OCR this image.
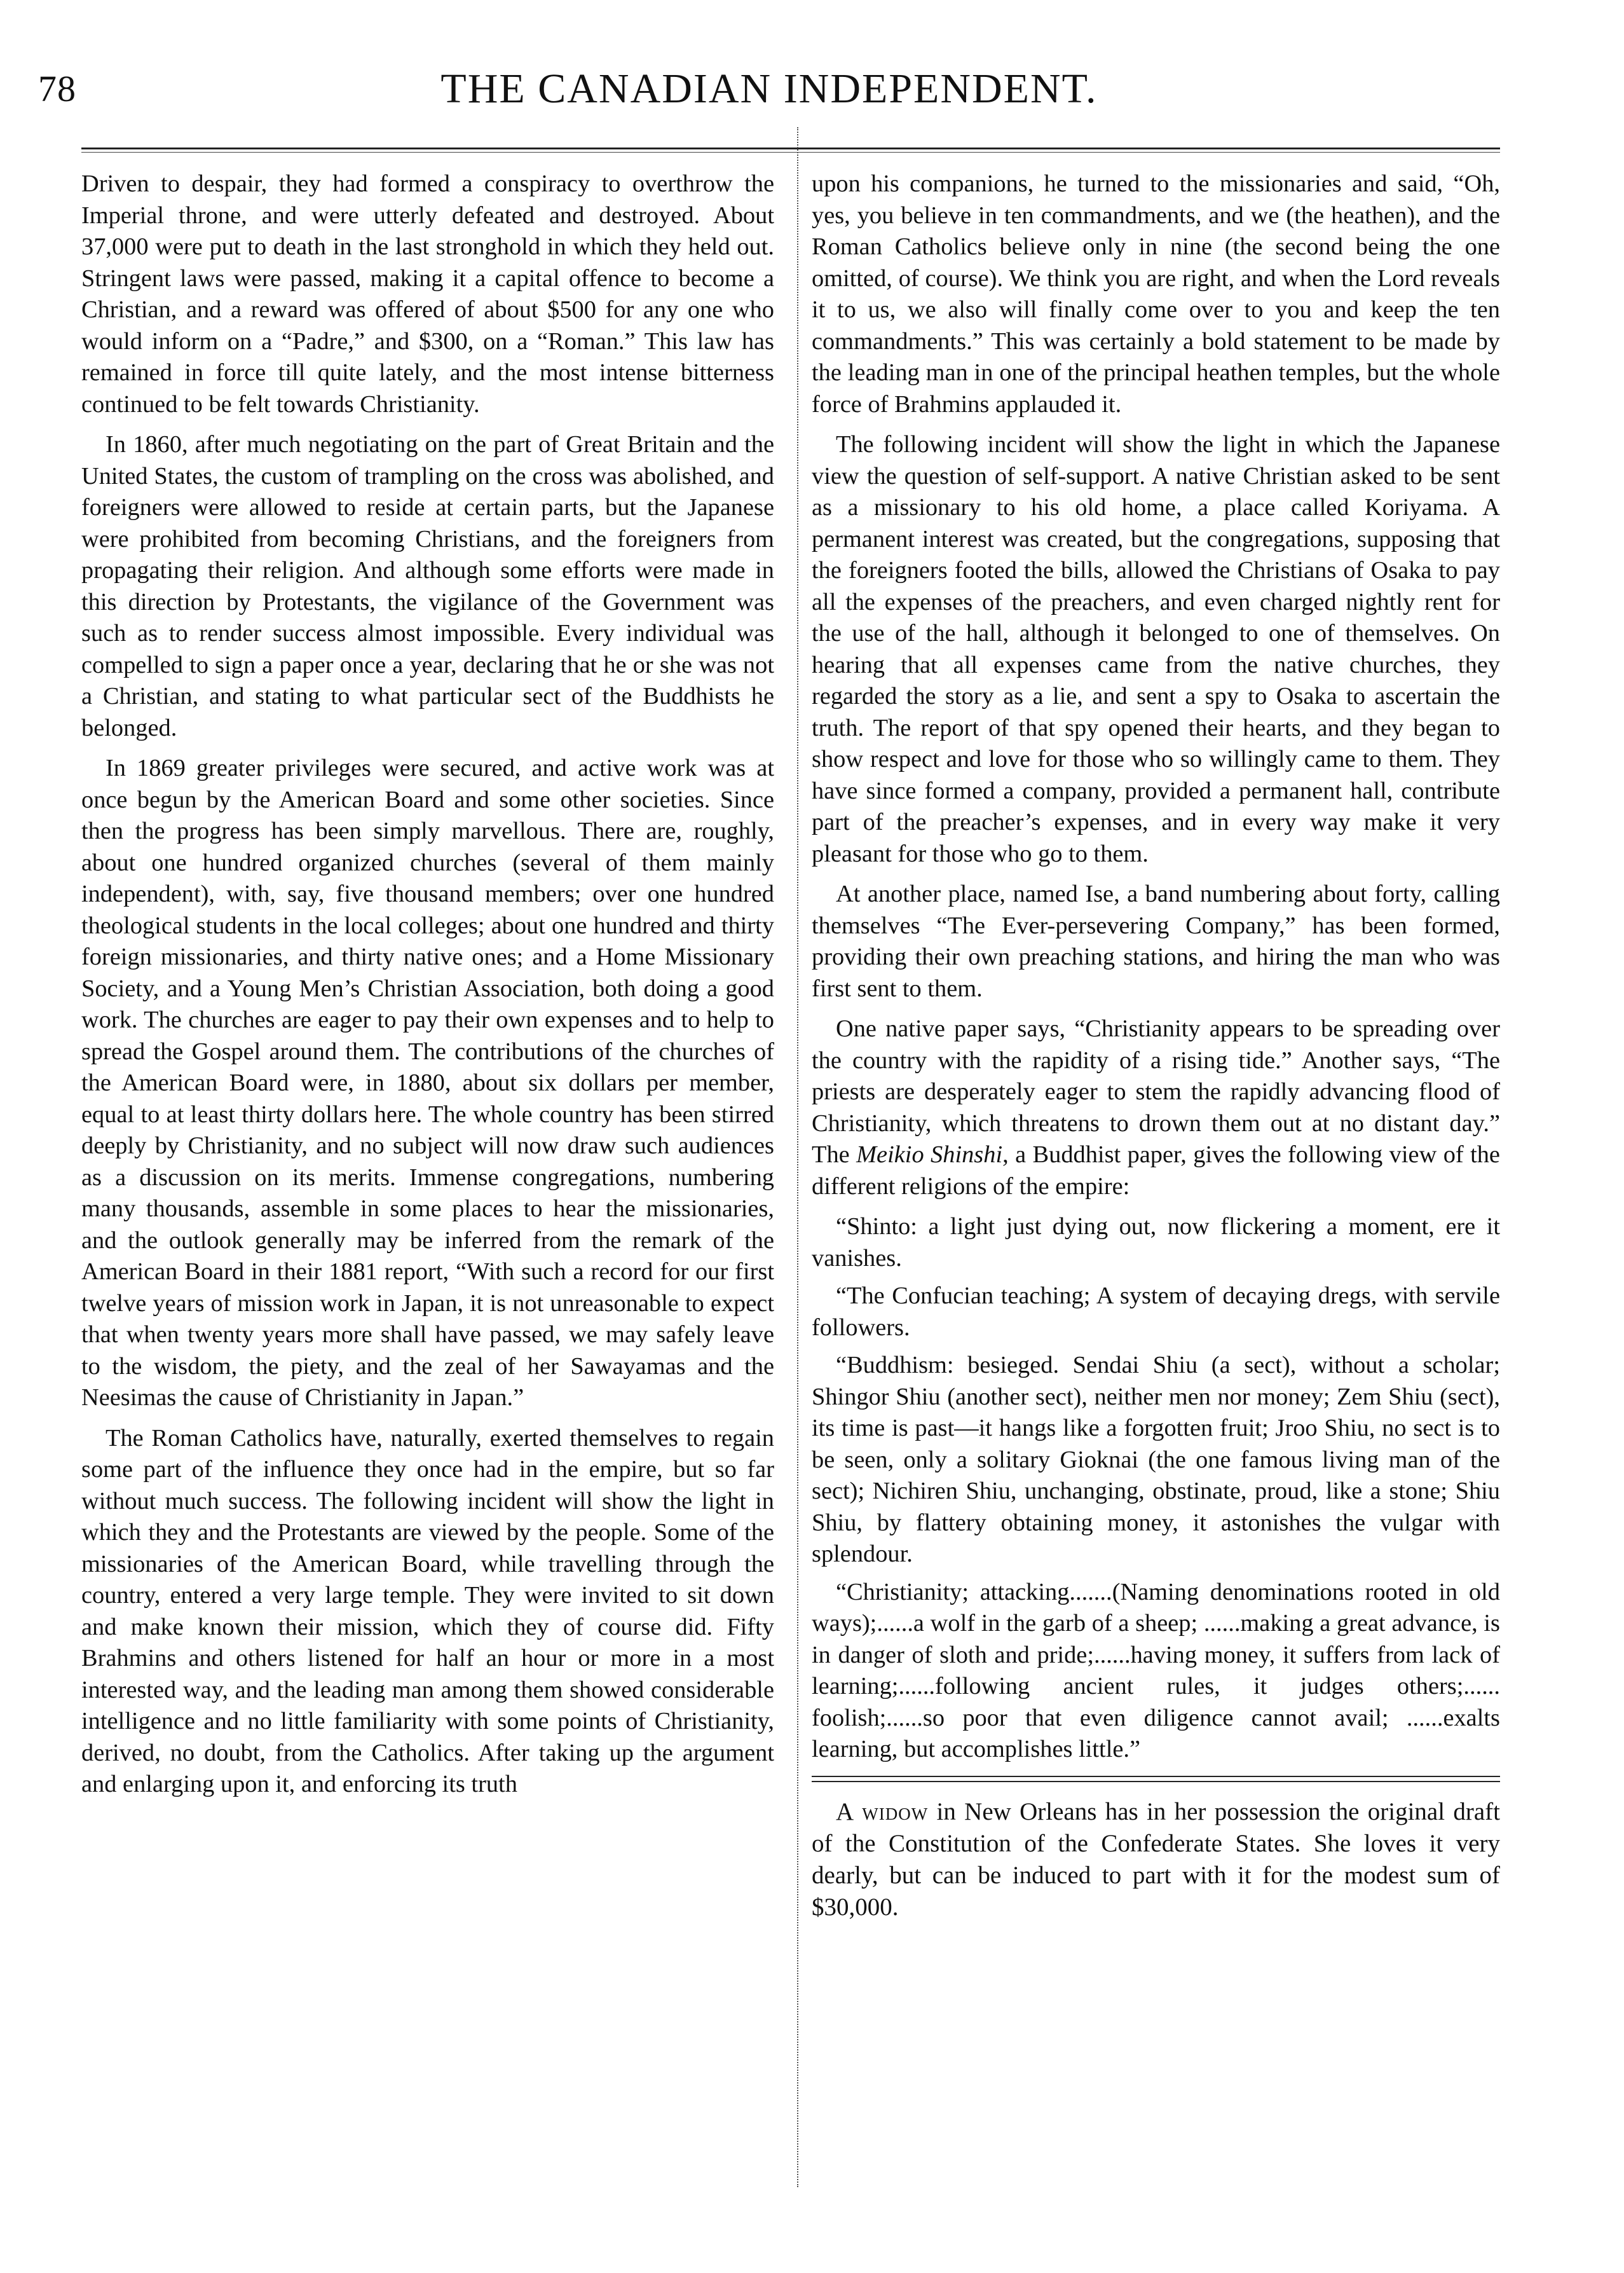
78	THE CANADIAN INDEPENDENT.

Driven to despair, they had formed a conspiracy to overthrow the Imperial throne, and were utterly defeated and destroyed. About 37,000 were put to death in the last stronghold in which they held out. Stringent laws were passed, making it a capital offence to become a Christian, and a reward was offered of about $500 for any one who would inform on a “Padre,” and $300, on a “Roman.” This law has remained in force till quite lately, and the most intense bitterness continued to be felt towards Christianity.

In 1860, after much negotiating on the part of Great Britain and the United States, the custom of trampling on the cross was abolished, and foreigners were allowed to reside at certain parts, but the Japanese were prohibited from becoming Christians, and the foreigners from propagating their religion. And although some efforts were made in this direction by Protestants, the vigilance of the Government was such as to render success almost impossible. Every individual was compelled to sign a paper once a year, declaring that he or she was not a Christian, and stating to what particular sect of the Buddhists he belonged.

In 1869 greater privileges were secured, and active work was at once begun by the American Board and some other societies. Since then the progress has been simply marvellous. There are, roughly, about one hundred organized churches (several of them mainly independent), with, say, five thousand members; over one hundred theological students in the local colleges; about one hundred and thirty foreign missionaries, and thirty native ones; and a Home Missionary Society, and a Young Men’s Christian Association, both doing a good work. The churches are eager to pay their own expenses and to help to spread the Gospel around them. The contributions of the churches of the American Board were, in 1880, about six dollars per member, equal to at least thirty dollars here. The whole country has been stirred deeply by Christianity, and no subject will now draw such audiences as a discussion on its merits. Immense congregations, numbering many thousands, assemble in some places to hear the missionaries, and the outlook generally may be inferred from the remark of the American Board in their 1881 report, “With such a record for our first twelve years of mission work in Japan, it is not unreasonable to expect that when twenty years more shall have passed, we may safely leave to the wisdom, the piety, and the zeal of her Sawayamas and the Neesimas the cause of Christianity in Japan.”

The Roman Catholics have, naturally, exerted themselves to regain some part of the influence they once had in the empire, but so far without much success. The following incident will show the light in which they and the Protestants are viewed by the people. Some of the missionaries of the American Board, while travelling through the country, entered a very large temple. They were invited to sit down and make known their mission, which they of course did. Fifty Brahmins and others listened for half an hour or more in a most interested way, and the leading man among them showed considerable intelligence and no little familiarity with some points of Christianity, derived, no doubt, from the Catholics. After taking up the argument and enlarging upon it, and enforcing its truth

upon his companions, he turned to the missionaries and said, “Oh, yes, you believe in ten commandments, and we (the heathen), and the Roman Catholics believe only in nine (the second being the one omitted, of course). We think you are right, and when the Lord reveals it to us, we also will finally come over to you and keep the ten commandments.” This was certainly a bold statement to be made by the leading man in one of the principal heathen temples, but the whole force of Brahmins applauded it.

The following incident will show the light in which the Japanese view the question of self-support. A native Christian asked to be sent as a missionary to his old home, a place called Koriyama. A permanent interest was created, but the congregations, supposing that the foreigners footed the bills, allowed the Christians of Osaka to pay all the expenses of the preachers, and even charged nightly rent for the use of the hall, although it belonged to one of themselves. On hearing that all expenses came from the native churches, they regarded the story as a lie, and sent a spy to Osaka to ascertain the truth. The report of that spy opened their hearts, and they began to show respect and love for those who so willingly came to them. They have since formed a company, provided a permanent hall, contribute part of the preacher’s expenses, and in every way make it very pleasant for those who go to them.

At another place, named Ise, a band numbering about forty, calling themselves “The Ever-persevering Company,” has been formed, providing their own preaching stations, and hiring the man who was first sent to them.

One native paper says, “Christianity appears to be spreading over the country with the rapidity of a rising tide.” Another says, “The priests are desperately eager to stem the rapidly advancing flood of Christianity, which threatens to drown them out at no distant day.” The Meikio Shinshi, a Buddhist paper, gives the following view of the different religions of the empire:

“Shinto: a light just dying out, now flickering a moment, ere it vanishes.

“The Confucian teaching; A system of decaying dregs, with servile followers.

“Buddhism: besieged. Sendai Shiu (a sect), without a scholar; Shingor Shiu (another sect), neither men nor money; Zem Shiu (sect), its time is past—it hangs like a forgotten fruit; Jroo Shiu, no sect is to be seen, only a solitary Gioknai (the one famous living man of the sect); Nichiren Shiu, unchanging, obstinate, proud, like a stone; Shiu Shiu, by flattery obtaining money, it astonishes the vulgar with splendour.

“Christianity; attacking.......(Naming denominations rooted in old ways);......a wolf in the garb of a sheep; ......making a great advance, is in danger of sloth and pride;......having money, it suffers from lack of learning;......following ancient rules, it judges others;...... foolish;......so poor that even diligence cannot avail; ......exalts learning, but accomplishes little.”

A widow in New Orleans has in her possession the original draft of the Constitution of the Confederate States. She loves it very dearly, but can be induced to part with it for the modest sum of $30,000.
